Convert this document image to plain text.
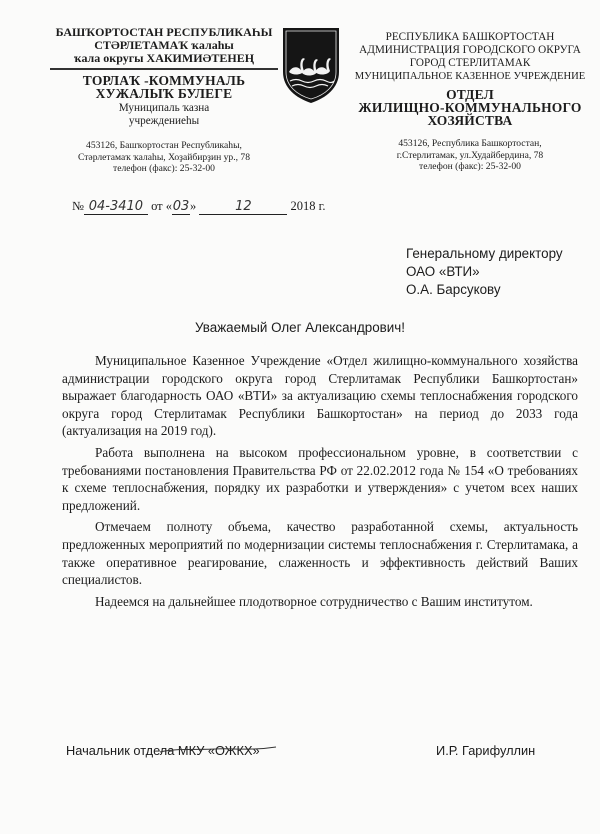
БАШҠОРТОСТАН РЕСПУБЛИКАҺЫ
СТӘРЛЕТАМАҠ ҡалаһы
ҡала округы ХАКИМИӘТЕНЕҢ
ТОРЛАҠ -КОММУНАЛЬ
ХУЖАЛЫҠ БУЛЕГЕ
Муниципаль ҡазна
учреждениеһы
453126, Башҡортостан Республикаһы,
Стәрлетамаҡ ҡалаһы, Хоҙайбирҙин ур., 78
телефон (факс): 25-32-00
РЕСПУБЛИКА БАШКОРТОСТАН
АДМИНИСТРАЦИЯ ГОРОДСКОГО ОКРУГА
ГОРОД СТЕРЛИТАМАК
МУНИЦИПАЛЬНОЕ КАЗЕННОЕ УЧРЕЖДЕНИЕ
ОТДЕЛ
ЖИЛИЩНО-КОММУНАЛЬНОГО
ХОЗЯЙСТВА
453126, Республика Башкортостан,
г.Стерлитамак, ул.Худайбердина, 78
телефон (факс): 25-32-00
№ 04-3410 от «03»	12	2018 г.
Генеральному директору
ОАО «ВТИ»
О.А. Барсукову
Уважаемый Олег Александрович!

Муниципальное Казенное Учреждение «Отдел жилищно-коммунального хозяйства администрации городского округа город Стерлитамак Республики Башкортостан» выражает благодарность ОАО «ВТИ» за актуализацию схемы теплоснабжения городского округа город Стерлитамак Республики Башкортостан» на период до 2033 года (актуализация на 2019 год).

Работа выполнена на высоком профессиональном уровне, в соответствии с требованиями постановления Правительства РФ от 22.02.2012 года № 154 «О требованиях к схеме теплоснабжения, порядку их разработки и утверждения» с учетом всех наших предложений.

Отмечаем полноту объема, качество разработанной схемы, актуальность предложенных мероприятий по модернизации системы теплоснабжения г. Стерлитамака, а также оперативное реагирование, слаженность и эффективность действий Ваших специалистов.

Надеемся на дальнейшее плодотворное сотрудничество с Вашим институтом.

Начальник отдела МКУ «ОЖКХ»	И.Р. Гарифуллин
